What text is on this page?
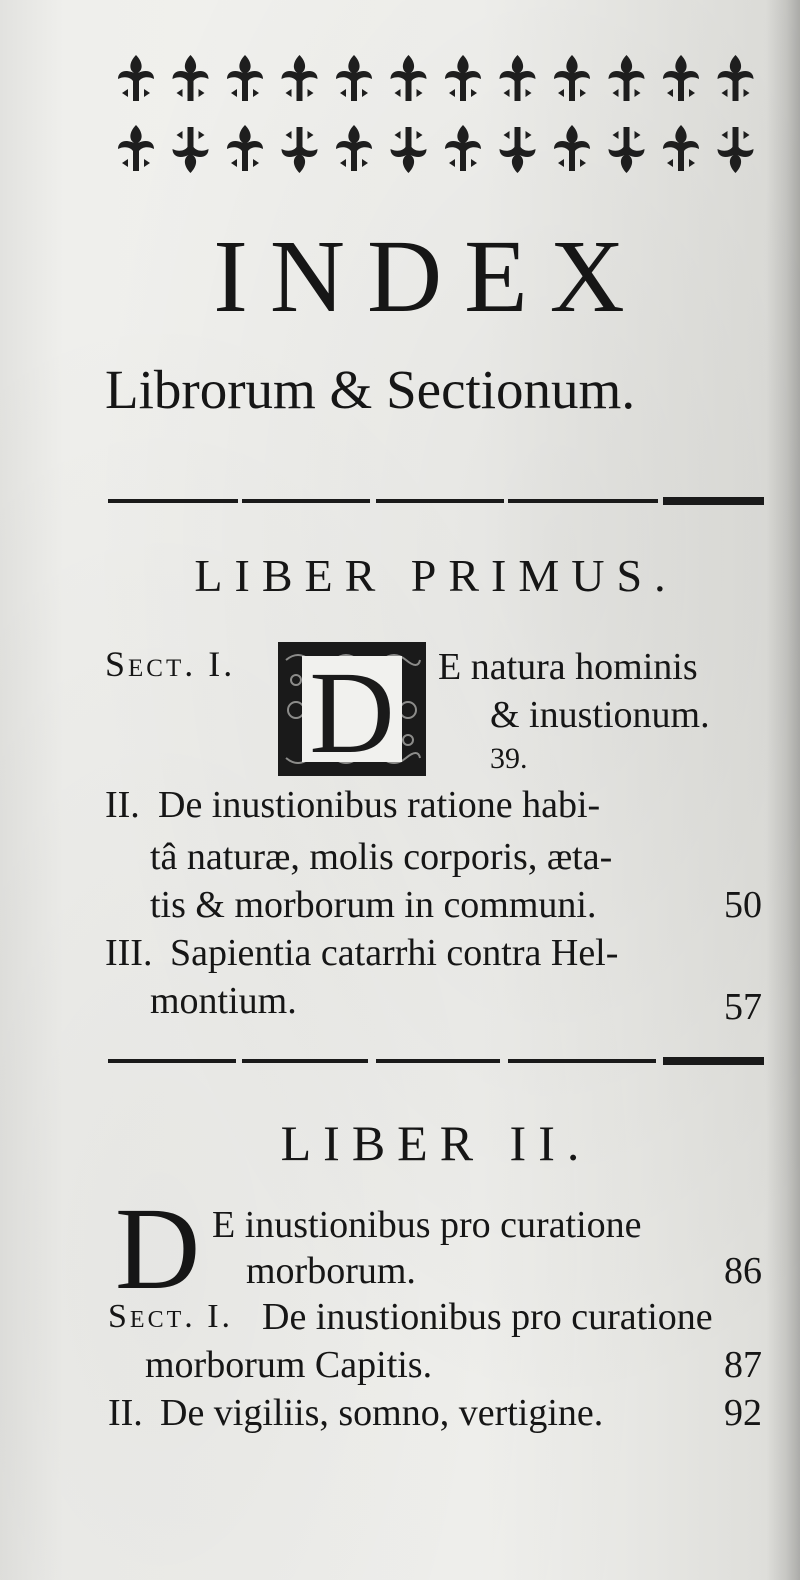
INDEX
Librorum & Sectionum.
LIBER PRIMUS.
Sect. I. D E natura hominis
& inustionum.
39.
II. De inustionibus ratione habi-
tâ naturæ, molis corporis, æta-
tis & morborum in communi.	50
III. Sapientia catarrhi contra Hel-
montium.	57
LIBER II.
D E inustionibus pro curatione
morborum.	86
Sect. I. De inustionibus pro curatione
morborum Capitis.	87
II. De vigiliis, somno, vertigine.	92
